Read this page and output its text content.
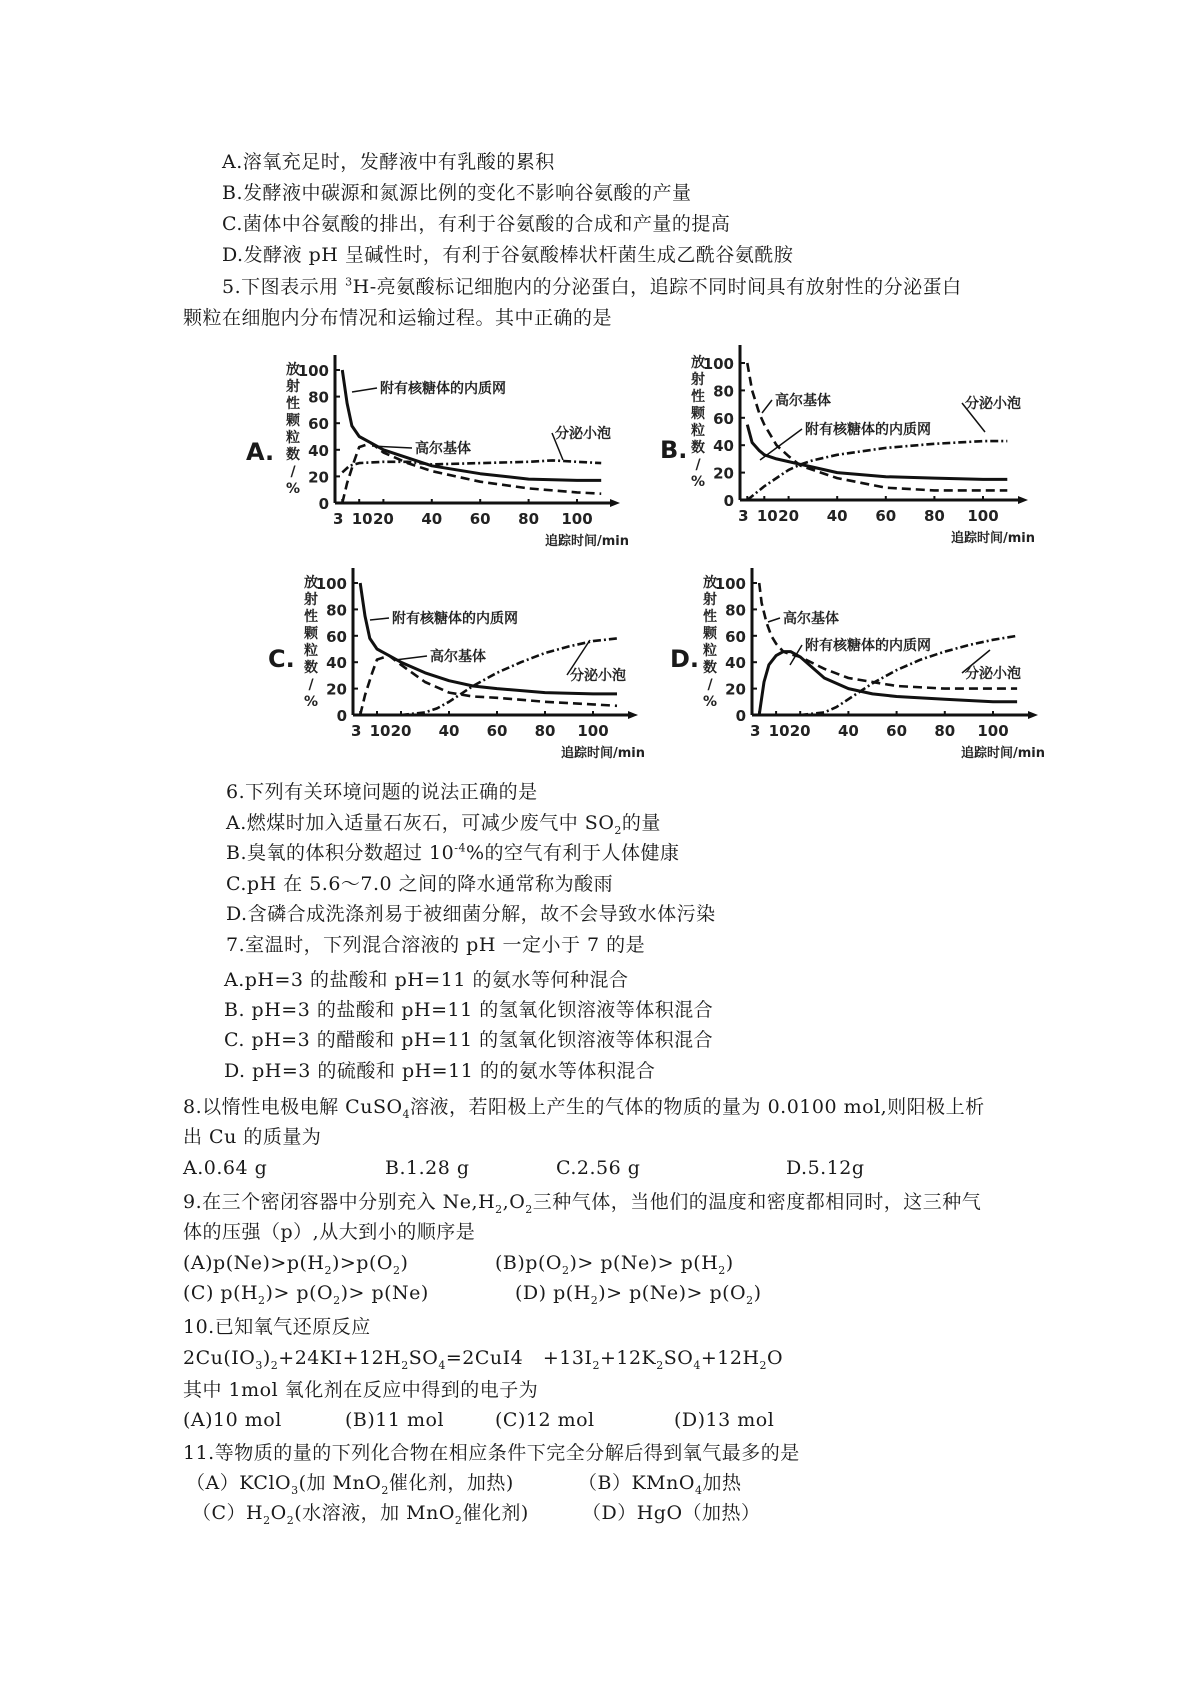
A.溶氧充足时，发酵液中有乳酸的累积
B.发酵液中碳源和氮源比例的变化不影响谷氨酸的产量
C.菌体中谷氨酸的排出，有利于谷氨酸的合成和产量的提高
D.发酵液 pH 呈碱性时，有利于谷氨酸棒状杆菌生成乙酰谷氨酰胺
5.下图表示用 $^3$H-亮氨酸标记细胞内的分泌蛋白，追踪不同时间具有放射性的分泌蛋白
颗粒在细胞内分布情况和运输过程。其中正确的是
A.	B.
C.	D.
0
20
40
60
80
100
3 10 20 40 60 80 100
追踪时间/min
放
射
性
颗
粒
数
/
%
附有核糖体的内质网
高尔基体
分泌小泡
0
20
40
60
80
100
3 10 20 40 60 80 100
追踪时间/min
放
射
性
颗
粒
数
/
%
高尔基体
附有核糖体的内质网
分泌小泡
0
20
40
60
80
100
3 10 20 40 60 80 100
追踪时间/min
放
射
性
颗
粒
数
/
%
附有核糖体的内质网
高尔基体
分泌小泡
0
20
40
60
80
100
3 10 20 40 60 80 100
追踪时间/min
放
射
性
颗
粒
数
/
%
高尔基体
附有核糖体的内质网
分泌小泡
6.下列有关环境问题的说法正确的是
A.燃煤时加入适量石灰石，可减少废气中 $SO_2$的量
B.臭氧的体积分数超过 $10^{-4}\%$的空气有利于人体健康
C.pH 在 5.6～7.0 之间的降水通常称为酸雨
D.含磷合成洗涤剂易于被细菌分解，故不会导致水体污染
7.室温时，下列混合溶液的 pH 一定小于 7 的是
A.pH=3 的盐酸和 pH=11 的氨水等何种混合
B. pH=3 的盐酸和 pH=11 的氢氧化钡溶液等体积混合
C. pH=3 的醋酸和 pH=11 的氢氧化钡溶液等体积混合
D. pH=3 的硫酸和 pH=11 的的氨水等体积混合
8.以惰性电极电解 CuSO$_4$溶液，若阳极上产生的气体的物质的量为 0.0100 mol,则阳极上析
出 Cu 的质量为
A.0.64 g	B.1.28 g	C.2.56 g	D.5.12g
9.在三个密闭容器中分别充入 $Ne,H_2,O_2$三种气体，当他们的温度和密度都相同时，这三种气
体的压强（p）,从大到小的顺序是
$(A)p(Ne)>p(H_2)>p(O_2)$	$(B)p(O_2)> p(Ne)> p(H_2)$
(C) $p(H_2)> p(O_2)> p(Ne)$	(D) $p(H_2)> p(Ne)> p(O_2)$
10.已知氧气还原反应
$2Cu(IO_3)_2+24KI+12H_2SO_4=2CuI4 +13I_2+12K_2SO_4+12H_2O$
其中 1mol 氧化剂在反应中得到的电子为
(A)10 mol	(B)11 mol	(C)12 mol	(D)13 mol
11.等物质的量的下列化合物在相应条件下完全分解后得到氧气最多的是
（A）KClO$_3$(加 MnO$_2$催化剂，加热)	（B）KMnO$_4$加热
$(C)H_2O_2$(水溶液，加 MnO$_2$催化剂)	（D）HgO（加热）
